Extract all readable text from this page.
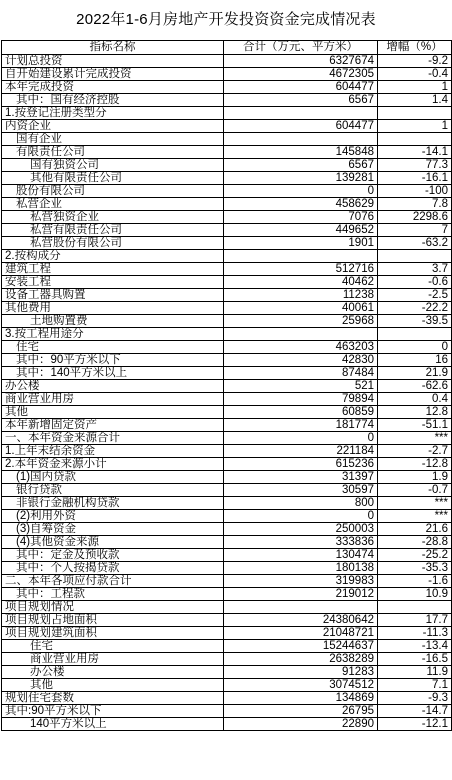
2022年1-6月房地产开发投资资金完成情况表
指标名称	合计（万元、平方米）	增幅（%）
计划总投资	6327674	-9.2
自开始建设累计完成投资	4672305	-0.4
本年完成投资	604477	1
其中：国有经济控股	6567	1.4
1.按登记注册类型分		
内资企业	604477	1
国有企业		
有限责任公司	145848	-14.1
国有独资公司	6567	77.3
其他有限责任公司	139281	-16.1
股份有限公司	0	-100
私营企业	458629	7.8
私营独资企业	7076	2298.6
私营有限责任公司	449652	7
私营股份有限公司	1901	-63.2
2.按构成分		
建筑工程	512716	3.7
安装工程	40462	-0.6
设备工器具购置	11238	-2.5
其他费用	40061	-22.2
土地购置费	25968	-39.5
3.按工程用途分		
住宅	463203	0
其中：90平方米以下	42830	16
其中：140平方米以上	87484	21.9
办公楼	521	-62.6
商业营业用房	79894	0.4
其他	60859	12.8
本年新增固定资产	181774	-51.1
一、本年资金来源合计	0	***
1.上年末结余资金	221184	-2.7
2.本年资金来源小计	615236	-12.8
(1)国内贷款	31397	1.9
银行贷款	30597	-0.7
非银行金融机构贷款	800	***
(2)利用外资	0	***
(3)自筹资金	250003	21.6
(4)其他资金来源	333836	-28.8
其中：定金及预收款	130474	-25.2
其中：个人按揭贷款	180138	-35.3
二、本年各项应付款合计	319983	-1.6
其中：工程款	219012	10.9
项目规划情况		
项目规划占地面积	24380642	17.7
项目规划建筑面积	21048721	-11.3
住宅	15244637	-13.4
商业营业用房	2638289	-16.5
办公楼	91283	11.9
其他	3074512	7.1
规划住宅套数	134869	-9.3
其中:90平方米以下	26795	-14.7
140平方米以上	22890	-12.1
